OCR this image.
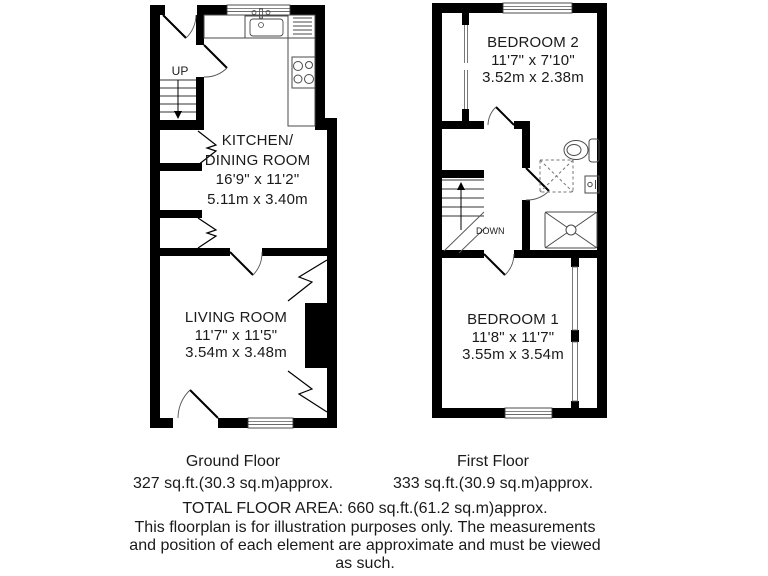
UP
KITCHEN/
DINING ROOM
16'9" x 11'2"
5.11m x 3.40m
LIVING ROOM
11'7" x 11'5"
3.54m x 3.48m
BEDROOM 2
11'7" x 7'10"
3.52m x 2.38m
DOWN
BEDROOM 1
11'8" x 11'7"
3.55m x 3.54m
Ground Floor
327 sq.ft.(30.3 sq.m)approx.
First Floor
333 sq.ft.(30.9 sq.m)approx.
TOTAL FLOOR AREA: 660 sq.ft.(61.2 sq.m)approx.
This floorplan is for illustration purposes only. The measurements
and position of each element are approximate and must be viewed
as such.
